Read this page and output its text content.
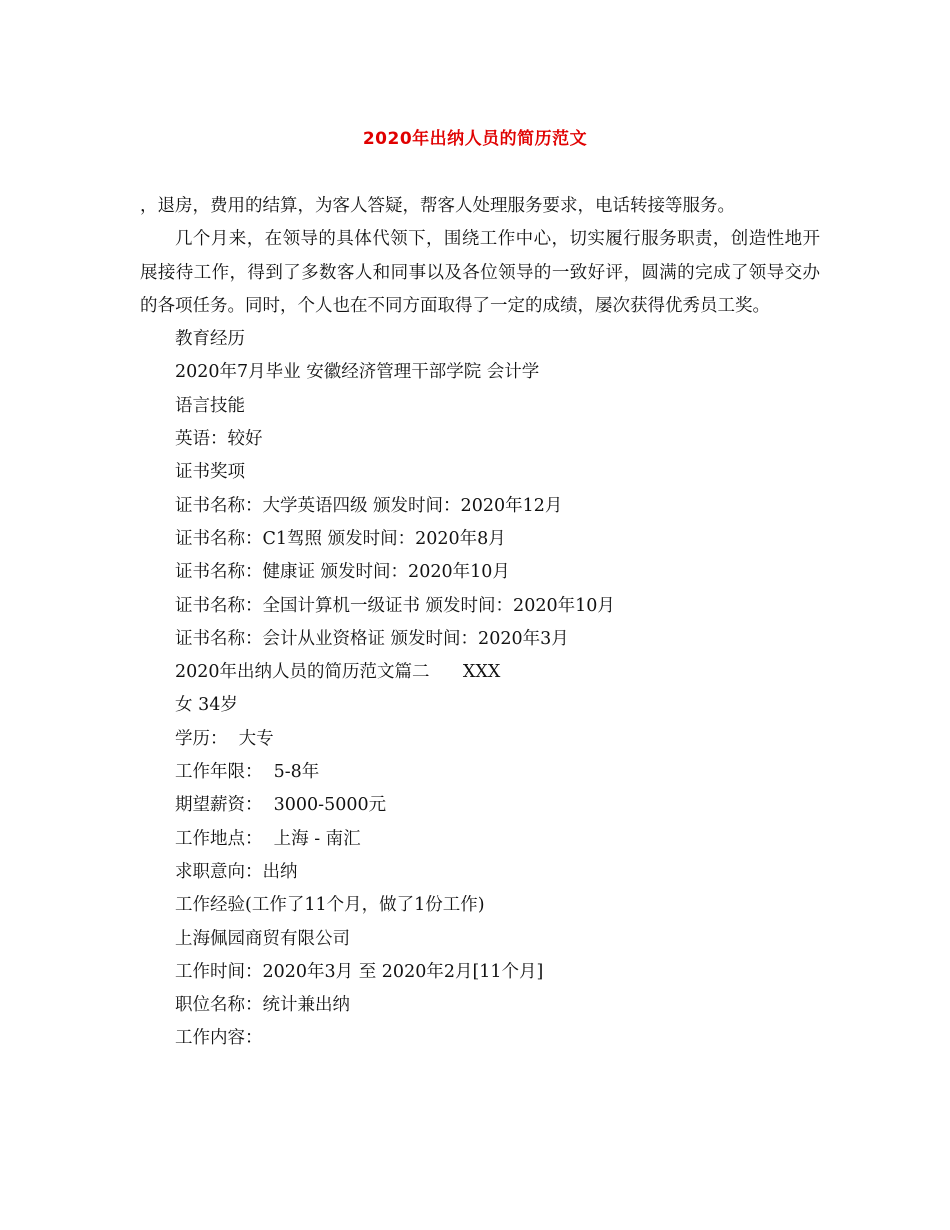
2020年出纳人员的简历范文

，退房，费用的结算，为客人答疑，帮客人处理服务要求，电话转接等服务。

几个月来，在领导的具体代领下，围绕工作中心，切实履行服务职责，创造性地开展接待工作，得到了多数客人和同事以及各位领导的一致好评，圆满的完成了领导交办的各项任务。同时，个人也在不同方面取得了一定的成绩，屡次获得优秀员工奖。

教育经历

2020年7月毕业 安徽经济管理干部学院 会计学

语言技能

英语：较好

证书奖项

证书名称：大学英语四级 颁发时间：2020年12月

证书名称：C1驾照 颁发时间：2020年8月

证书名称：健康证 颁发时间：2020年10月

证书名称：全国计算机一级证书 颁发时间：2020年10月

证书名称：会计从业资格证 颁发时间：2020年3月

2020年出纳人员的简历范文篇二      XXX

女 34岁

学历：  大专

工作年限：  5-8年

期望薪资：  3000-5000元

工作地点：  上海 - 南汇

求职意向：出纳

工作经验(工作了11个月，做了1份工作)

上海佩园商贸有限公司

工作时间：2020年3月 至 2020年2月[11个月]

职位名称：统计兼出纳

工作内容：
